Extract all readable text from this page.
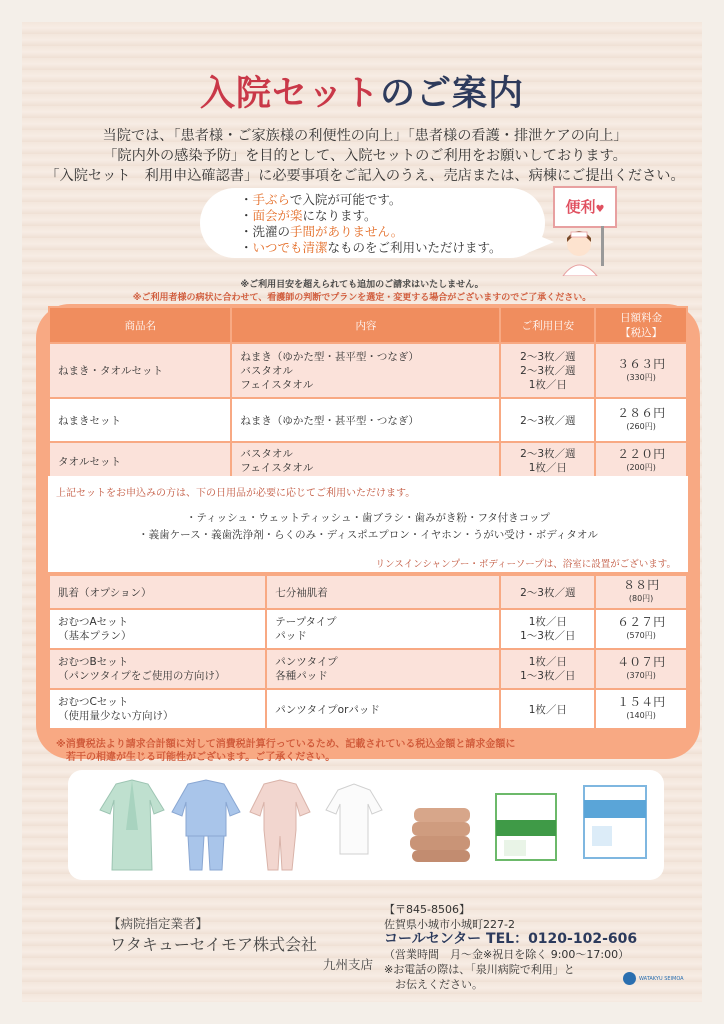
入院セットのご案内
当院では、「患者様・ご家族様の利便性の向上」「患者様の看護・排泄ケアの向上」
「院内外の感染予防」を目的として、入院セットのご利用をお願いしております。
「入院セット　利用申込確認書」に必要事項をご記入のうえ、売店または、病棟にご提出ください。
・手ぶらで入院が可能です。
・面会が楽になります。
・洗濯の手間がありません。
・いつでも清潔なものをご利用いただけます。
便利♥
※ご利用目安を超えられても追加のご請求はいたしません。
※ご利用者様の病状に合わせて、看護師の判断でプランを選定・変更する場合がございますのでご了承ください。
商品名	内容	ご利用目安	日額料金
【税込】
ねまき・タオルセット	ねまき（ゆかた型・甚平型・つなぎ）
バスタオル
フェイスタオル	2～3枚／週
2～3枚／週
1枚／日	３６３円
(330円)

ねまきセット	ねまき（ゆかた型・甚平型・つなぎ）	2～3枚／週	２８６円
(260円)

タオルセット	バスタオル
フェイスタオル	2～3枚／週
1枚／日	２２０円
(200円)
上記セットをお申込みの方は、下の日用品が必要に応じてご利用いただけます。
・ティッシュ・ウェットティッシュ・歯ブラシ・歯みがき粉・フタ付きコップ
・義歯ケース・義歯洗浄剤・らくのみ・ディスポエプロン・イヤホン・うがい受け・ボディタオル
リンスインシャンプー・ボディーソープは、浴室に設置がございます。
肌着（オプション）	七分袖肌着	2～3枚／週	８８円
(80円)

おむつAセット
（基本プラン）	テープタイプ
パッド	1枚／日
1～3枚／日	６２７円
(570円)

おむつBセット
（パンツタイプをご使用の方向け）	パンツタイプ
各種パッド	1枚／日
1～3枚／日	４０７円
(370円)

おむつCセット
（使用量少ない方向け）	パンツタイプorパッド	1枚／日	１５４円
(140円)
※消費税法より請求合計額に対して消費税計算行っているため、記載されている税込金額と請求金額に
　若干の相違が生じる可能性がございます。ご了承ください。
【病院指定業者】
ワタキューセイモア株式会社
九州支店
【〒845-8506】
佐賀県小城市小城町227-2
コールセンター TEL：0120-102-606
（営業時間　月～金※祝日を除く 9:00～17:00）
※お電話の際は、「泉川病院で利用」と
　お伝えください。	WATAKYU SEIMOA
